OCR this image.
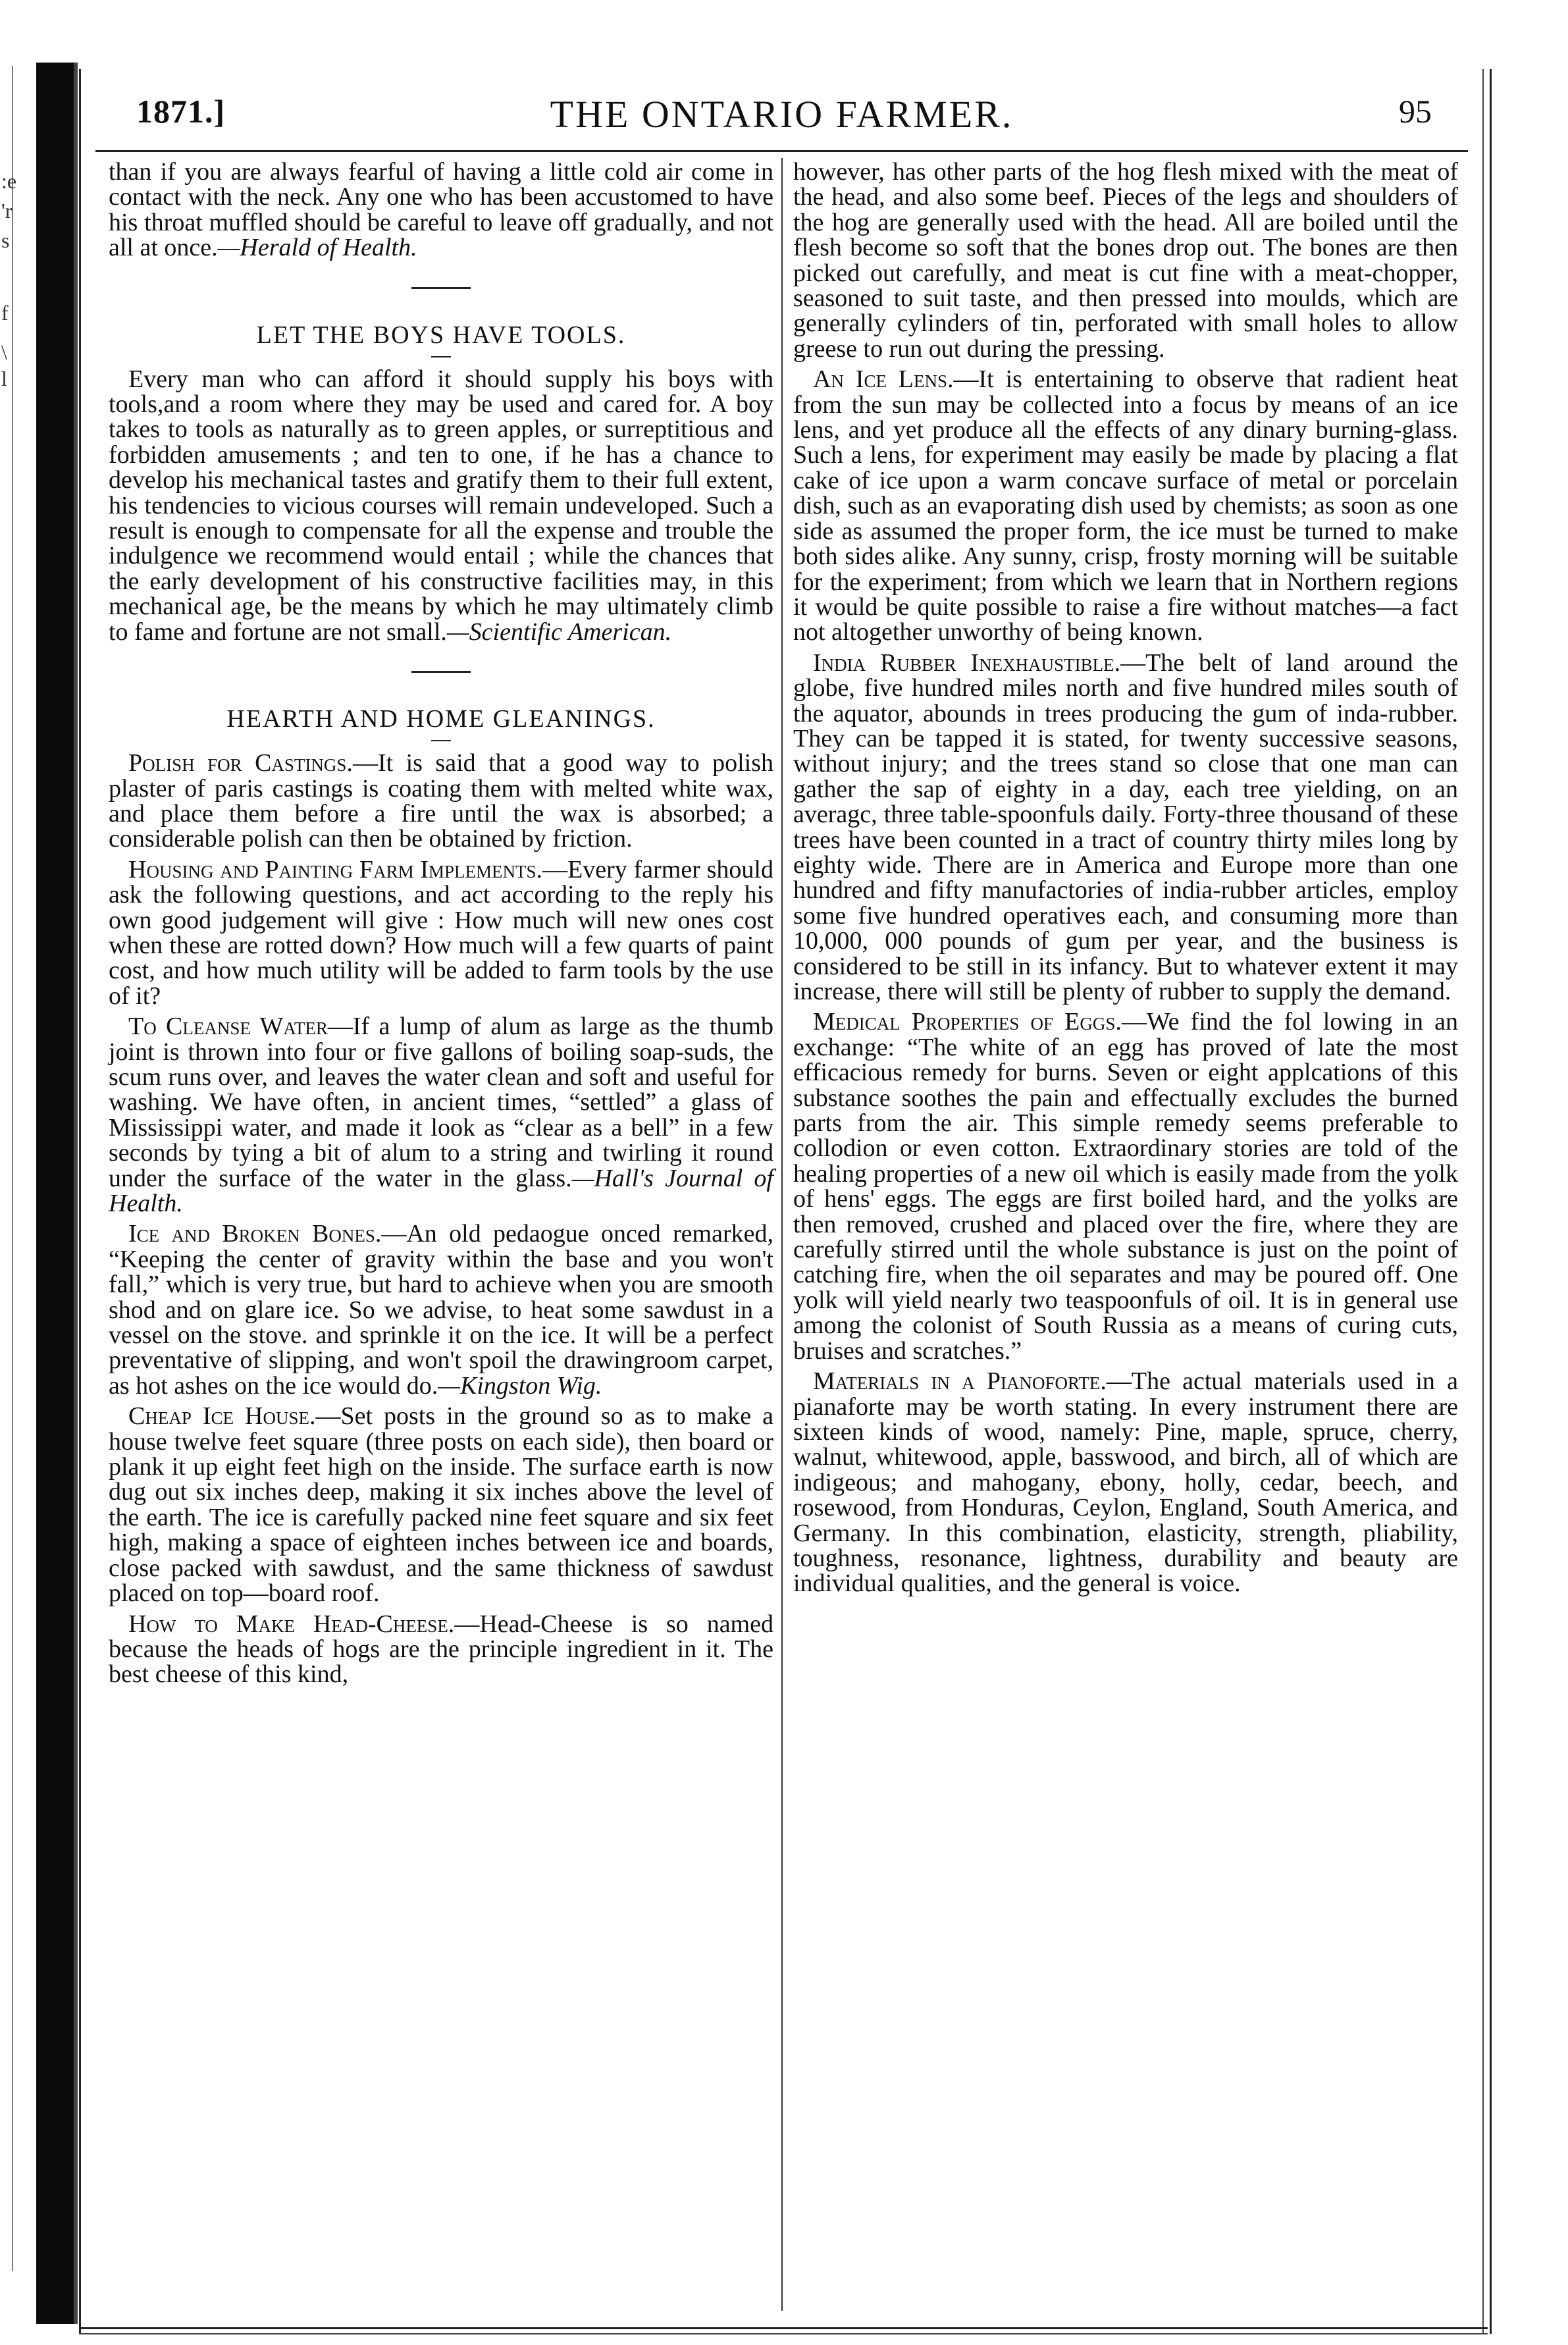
:e
'r
s
f
\
l
THE ONTARIO FARMER.
1871.]	95

than if you are always fearful of having a little cold air come in contact with the neck. Any one who has been accustomed to have his throat muffled should be careful to leave off gradually, and not all at once.—Herald of Health.

LET THE BOYS HAVE TOOLS.

Every man who can afford it should supply his boys with tools,and a room where they may be used and cared for. A boy takes to tools as naturally as to green apples, or surreptitious and forbidden amusements ; and ten to one, if he has a chance to develop his mechanical tastes and gratify them to their full extent, his tendencies to vicious courses will remain undeveloped. Such a result is enough to compensate for all the expense and trouble the indulgence we recommend would entail ; while the chances that the early development of his constructive facilities may, in this mechanical age, be the means by which he may ultimately climb to fame and fortune are not small.—Scientific American.

HEARTH AND HOME GLEANINGS.

Polish for Castings.—It is said that a good way to polish plaster of paris castings is coating them with melted white wax, and place them before a fire until the wax is absorbed; a considerable polish can then be obtained by friction.

Housing and Painting Farm Implements.—Every farmer should ask the following questions, and act according to the reply his own good judgement will give : How much will new ones cost when these are rotted down? How much will a few quarts of paint cost, and how much utility will be added to farm tools by the use of it?

To Cleanse Water—If a lump of alum as large as the thumb joint is thrown into four or five gallons of boiling soap-suds, the scum runs over, and leaves the water clean and soft and useful for washing. We have often, in ancient times, “settled” a glass of Mississippi water, and made it look as “clear as a bell” in a few seconds by tying a bit of alum to a string and twirling it round under the surface of the water in the glass.—Hall's Journal of Health.

Ice and Broken Bones.—An old pedaogue onced remarked, “Keeping the center of gravity within the base and you won't fall,” which is very true, but hard to achieve when you are smooth shod and on glare ice. So we advise, to heat some sawdust in a vessel on the stove. and sprinkle it on the ice. It will be a perfect preventative of slipping, and won't spoil the drawingroom carpet, as hot ashes on the ice would do.—Kingston Wig.

Cheap Ice House.—Set posts in the ground so as to make a house twelve feet square (three posts on each side), then board or plank it up eight feet high on the inside. The surface earth is now dug out six inches deep, making it six inches above the level of the earth. The ice is carefully packed nine feet square and six feet high, making a space of eighteen inches between ice and boards, close packed with sawdust, and the same thickness of sawdust placed on top—board roof.

How to Make Head-Cheese.—Head-Cheese is so named because the heads of hogs are the principle ingredient in it. The best cheese of this kind,

however, has other parts of the hog flesh mixed with the meat of the head, and also some beef. Pieces of the legs and shoulders of the hog are generally used with the head. All are boiled until the flesh become so soft that the bones drop out. The bones are then picked out carefully, and meat is cut fine with a meat-chopper, seasoned to suit taste, and then pressed into moulds, which are generally cylinders of tin, perforated with small holes to allow greese to run out during the pressing.

An Ice Lens.—It is entertaining to observe that radient heat from the sun may be collected into a focus by means of an ice lens, and yet produce all the effects of any dinary burning-glass. Such a lens, for experiment may easily be made by placing a flat cake of ice upon a warm concave surface of metal or porcelain dish, such as an evaporating dish used by chemists; as soon as one side as assumed the proper form, the ice must be turned to make both sides alike. Any sunny, crisp, frosty morning will be suitable for the experiment; from which we learn that in Northern regions it would be quite possible to raise a fire without matches—a fact not altogether unworthy of being known.

India Rubber Inexhaustible.—The belt of land around the globe, five hundred miles north and five hundred miles south of the aquator, abounds in trees producing the gum of inda-rubber. They can be tapped it is stated, for twenty successive seasons, without injury; and the trees stand so close that one man can gather the sap of eighty in a day, each tree yielding, on an averagc, three table-spoonfuls daily. Forty-three thousand of these trees have been counted in a tract of country thirty miles long by eighty wide. There are in America and Europe more than one hundred and fifty manufactories of india-rubber articles, employ some five hundred operatives each, and consuming more than 10,000, 000 pounds of gum per year, and the business is considered to be still in its infancy. But to whatever extent it may increase, there will still be plenty of rubber to supply the demand.

Medical Properties of Eggs.—We find the fol lowing in an exchange: “The white of an egg has proved of late the most efficacious remedy for burns. Seven or eight applcations of this substance soothes the pain and effectually excludes the burned parts from the air. This simple remedy seems preferable to collodion or even cotton. Extraordinary stories are told of the healing properties of a new oil which is easily made from the yolk of hens' eggs. The eggs are first boiled hard, and the yolks are then removed, crushed and placed over the fire, where they are carefully stirred until the whole substance is just on the point of catching fire, when the oil separates and may be poured off. One yolk will yield nearly two teaspoonfuls of oil. It is in general use among the colonist of South Russia as a means of curing cuts, bruises and scratches.”

Materials in a Pianoforte.—The actual materials used in a pianaforte may be worth stating. In every instrument there are sixteen kinds of wood, namely: Pine, maple, spruce, cherry, walnut, whitewood, apple, basswood, and birch, all of which are indigeous; and mahogany, ebony, holly, cedar, beech, and rosewood, from Honduras, Ceylon, England, South America, and Germany. In this combination, elasticity, strength, pliability, toughness, resonance, lightness, durability and beauty are individual qualities, and the general is voice.
